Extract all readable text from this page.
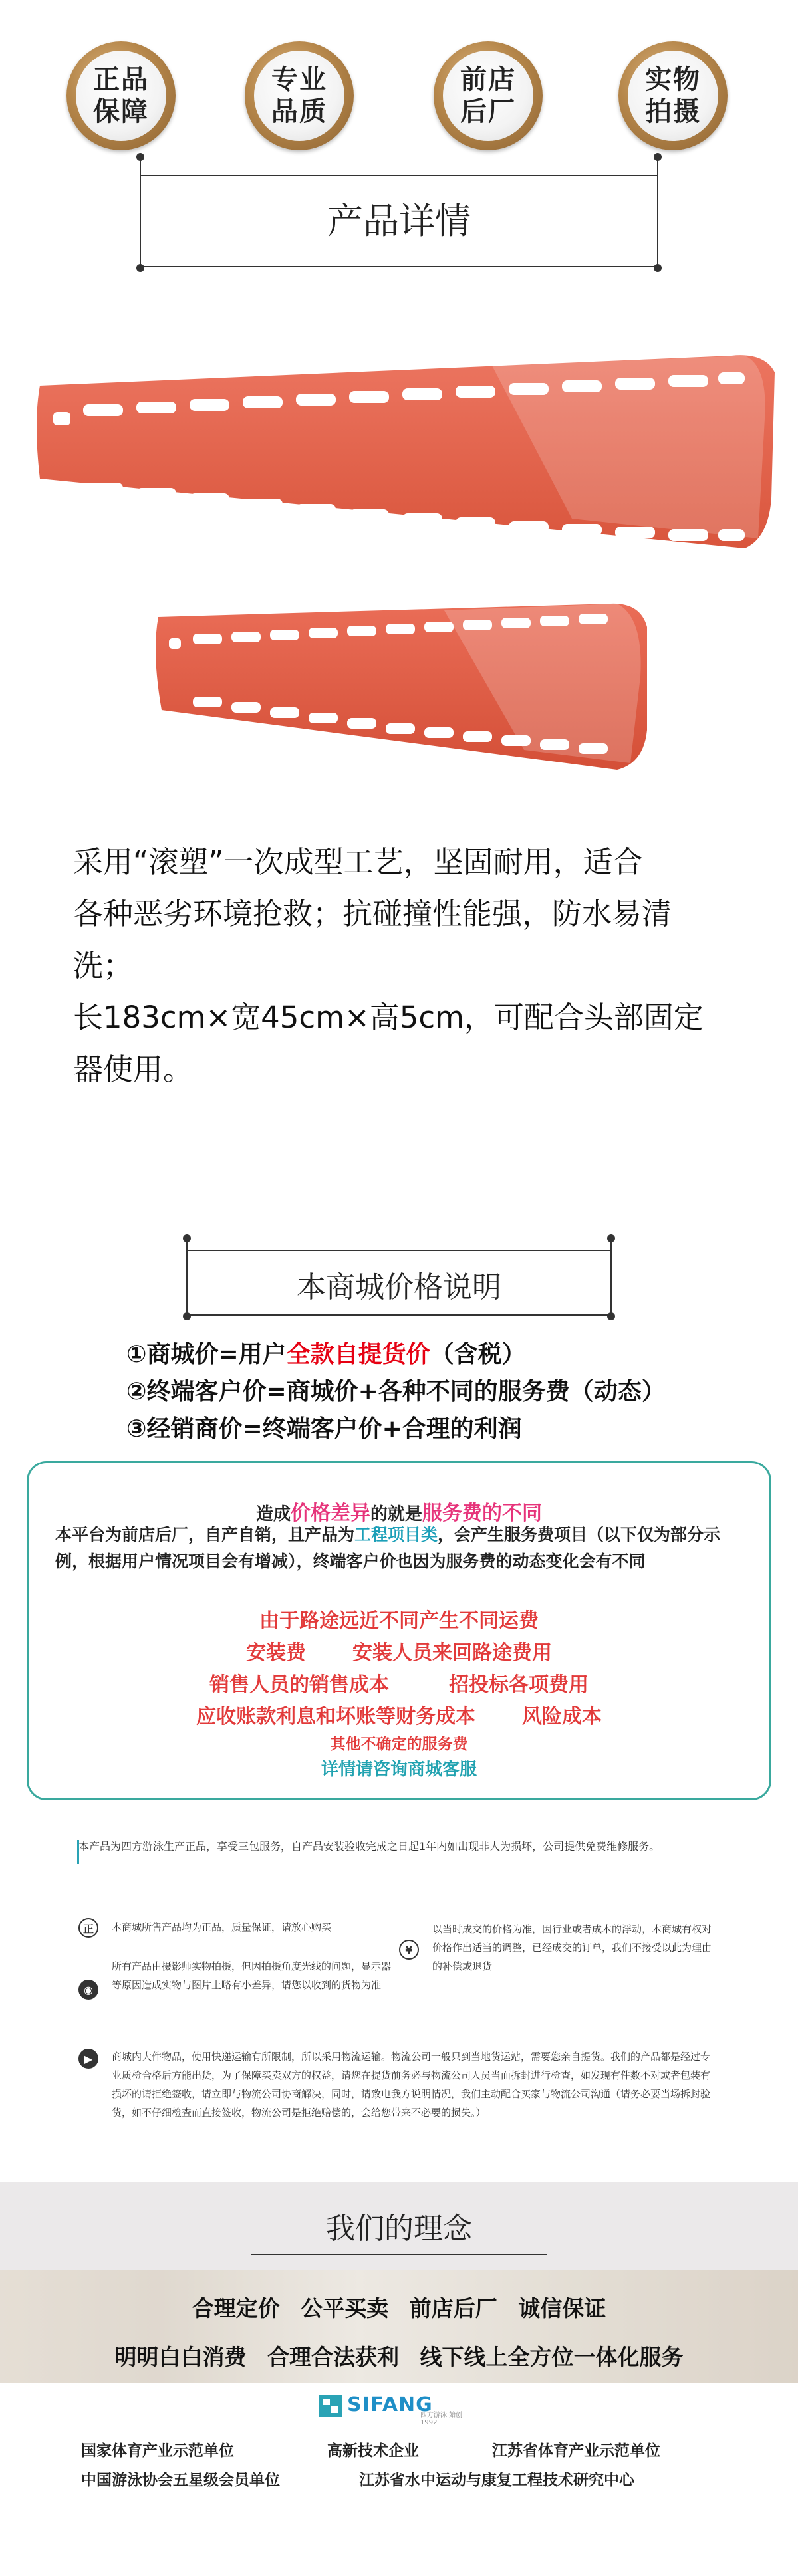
正品
保障
专业
品质
前店
后厂
实物
拍摄
产品详情

采用“滚塑”一次成型工艺，坚固耐用，适合

各种恶劣环境抢救；抗碰撞性能强，防水易清

洗；

长183cm×宽45cm×高5cm，可配合头部固定

器使用。

本商城价格说明
①商城价=用户全款自提货价（含税）
②终端客户价=商城价+各种不同的服务费（动态）
③经销商价=终端客户价+合理的利润
造成价格差异的就是服务费的不同
本平台为前店后厂，自产自销，且产品为工程项目类，会产生服务费项目（以下仅为部分示例，根据用户情况项目会有增减），终端客户价也因为服务费的动态变化会有不同
由于路途远近不同产生不同运费
安装费 安装人员来回路途费用
销售人员的销售成本	招投标各项费用
应收账款利息和坏账等财务成本 风险成本
其他不确定的服务费
详情请咨询商城客服
本产品为四方游泳生产正品，享受三包服务，自产品安装验收完成之日起1年内如出现非人为损坏，公司提供免费维修服务。
正	本商城所售产品均为正品，质量保证，请放心购买
◉
所有产品由摄影师实物拍摄，但因拍摄角度光线的问题，显示器等原因造成实物与图片上略有小差异，请您以收到的货物为准
¥
以当时成交的价格为准，因行业或者成本的浮动，本商城有权对价格作出适当的调整，已经成交的订单，我们不接受以此为理由的补偿或退货
▶	商城内大件物品，使用快递运输有所限制，所以采用物流运输。物流公司一般只到当地货运站，需要您亲自提货。我们的产品都是经过专业质检合格后方能出货，为了保障买卖双方的权益，请您在提货前务必与物流公司人员当面拆封进行检查，如发现有件数不对或者包装有损坏的请拒绝签收，请立即与物流公司协商解决，同时，请致电我方说明情况，我们主动配合买家与物流公司沟通（请务必要当场拆封验货，如不仔细检查而直接签收，物流公司是拒绝赔偿的，会给您带来不必要的损失。）
我们的理念
合理定价 公平买卖 前店后厂 诚信保证
明明白白消费 合理合法获利 线下线上全方位一体化服务
SIFANG
四方游泳 始创1992
国家体育产业示范单位	高新技术企业	江苏省体育产业示范单位
中国游泳协会五星级会员单位	江苏省水中运动与康复工程技术研究中心
